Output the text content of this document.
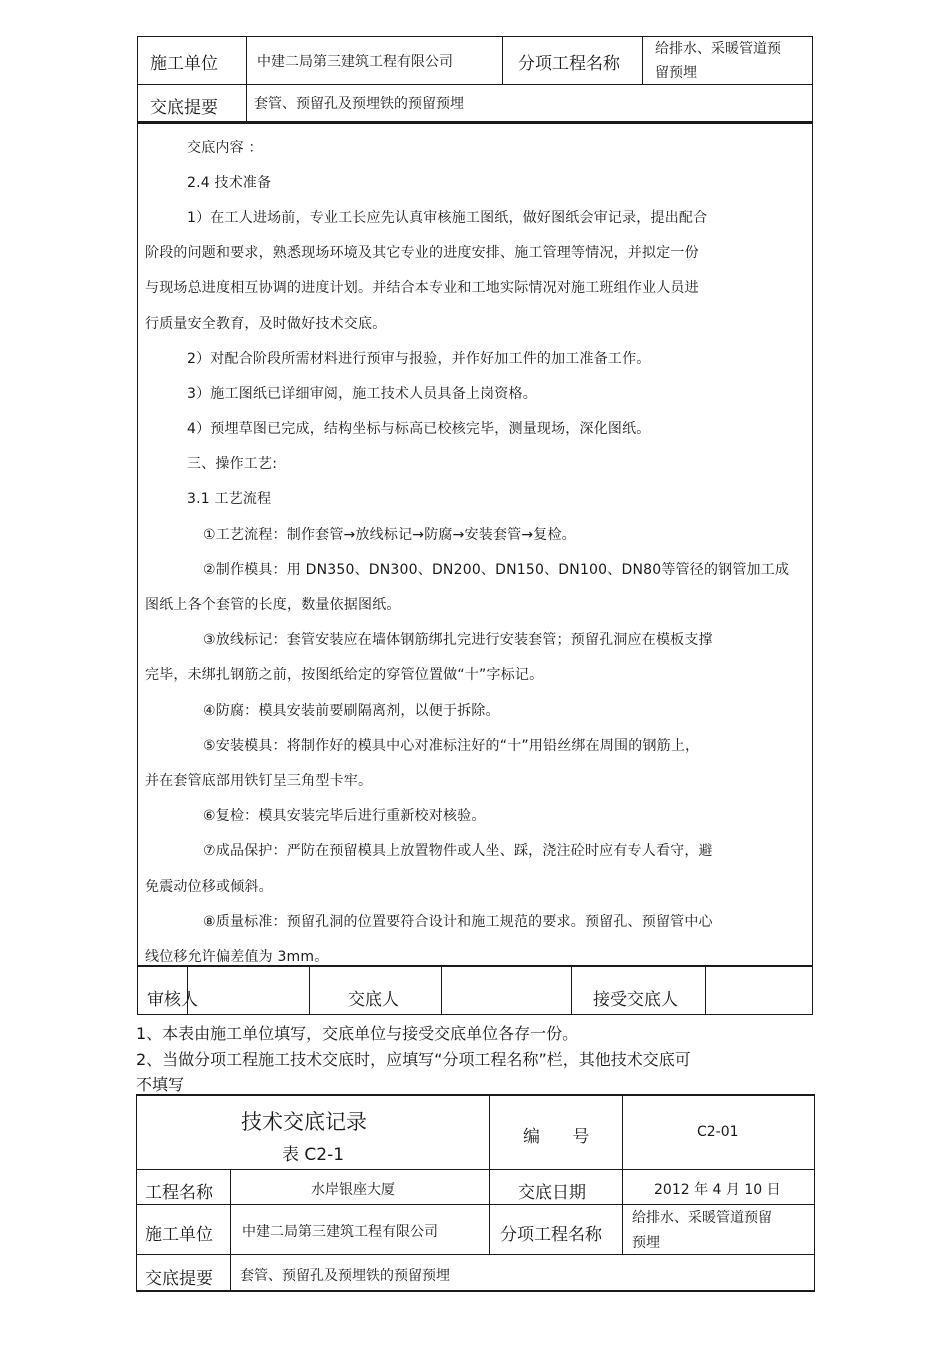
施工单位	中建二局第三建筑工程有限公司	分项工程名称
给排水、采暖管道预
留预埋
交底提要	套管、预留孔及预埋铁的预留预埋
交底内容 ：
2.4 技术准备
1）在工人进场前，专业工长应先认真审核施工图纸，做好图纸会审记录，提出配合
阶段的问题和要求，熟悉现场环境及其它专业的进度安排、施工管理等情况，并拟定一份
与现场总进度相互协调的进度计划。并结合本专业和工地实际情况对施工班组作业人员进
行质量安全教育，及时做好技术交底。
2）对配合阶段所需材料进行预审与报验，并作好加工件的加工准备工作。
3）施工图纸已详细审阅，施工技术人员具备上岗资格。
4）预埋草图已完成，结构坐标与标高已校核完毕，测量现场，深化图纸。
三、操作工艺:
3.1 工艺流程
①工艺流程：制作套管→放线标记→防腐→安装套管→复检。
②制作模具：用 DN350、DN300、DN200、DN150、DN100、DN80等管径的钢管加工成
图纸上各个套管的长度，数量依据图纸。
③放线标记：套管安装应在墙体钢筋绑扎完进行安装套管；预留孔洞应在模板支撑
完毕，未绑扎钢筋之前，按图纸给定的穿管位置做“十”字标记。
④防腐：模具安装前要刷隔离剂，以便于拆除。
⑤安装模具：将制作好的模具中心对准标注好的“十”用铅丝绑在周围的钢筋上，
并在套管底部用铁钉呈三角型卡牢。
⑥复检：模具安装完毕后进行重新校对核验。
⑦成品保护：严防在预留模具上放置物件或人坐、踩，浇注砼时应有专人看守，避
免震动位移或倾斜。
⑧质量标准：预留孔洞的位置要符合设计和施工规范的要求。预留孔、预留管中心
线位移允许偏差值为 3mm。
审核人	交底人	接受交底人
1、本表由施工单位填写，交底单位与接受交底单位各存一份。
2、当做分项工程施工技术交底时，应填写“分项工程名称”栏，其他技术交底可
不填写
技术交底记录
表 C2-1
编      号	C2-01
工程名称	水岸银座大厦	交底日期	2012 年 4 月 10 日
施工单位 中建二局第三建筑工程有限公司	分项工程名称
给排水、采暖管道预留
预埋
交底提要 套管、预留孔及预埋铁的预留预埋
